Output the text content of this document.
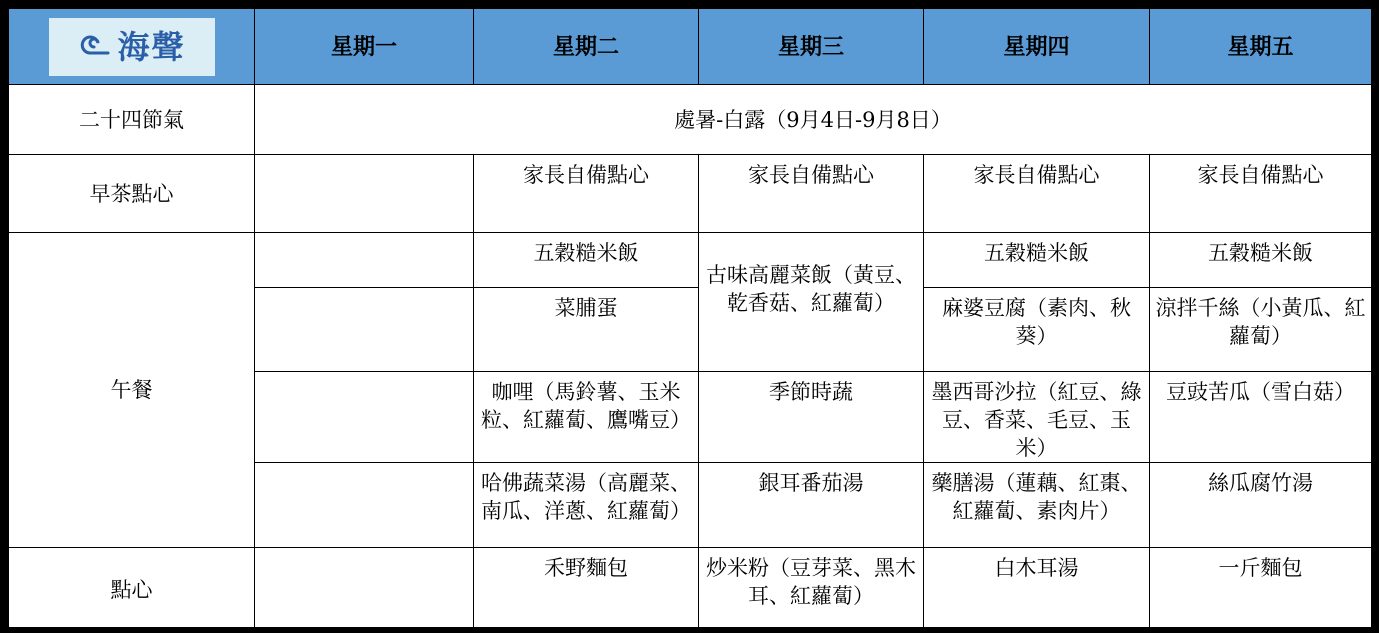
海聲	星期一	星期二	星期三	星期四	星期五
二十四節氣	處暑-白露（9月4日-9月8日）				
早茶點心		家長自備點心	家長自備點心	家長自備點心	家長自備點心
午餐		五穀糙米飯	古味高麗菜飯（黃豆、乾香菇、紅蘿蔔）	五穀糙米飯	五穀糙米飯
		菜脯蛋		麻婆豆腐（素肉、秋葵）	涼拌千絲（小黃瓜、紅蘿蔔）
		咖哩（馬鈴薯、玉米粒、紅蘿蔔、鷹嘴豆）	季節時蔬	墨西哥沙拉（紅豆、綠豆、香菜、毛豆、玉米）	豆豉苦瓜（雪白菇）
		哈佛蔬菜湯（高麗菜、南瓜、洋蔥、紅蘿蔔）	銀耳番茄湯	藥膳湯（蓮藕、紅棗、紅蘿蔔、素肉片）	絲瓜腐竹湯
點心		禾野麵包	炒米粉（豆芽菜、黑木耳、紅蘿蔔）	白木耳湯	一斤麵包
